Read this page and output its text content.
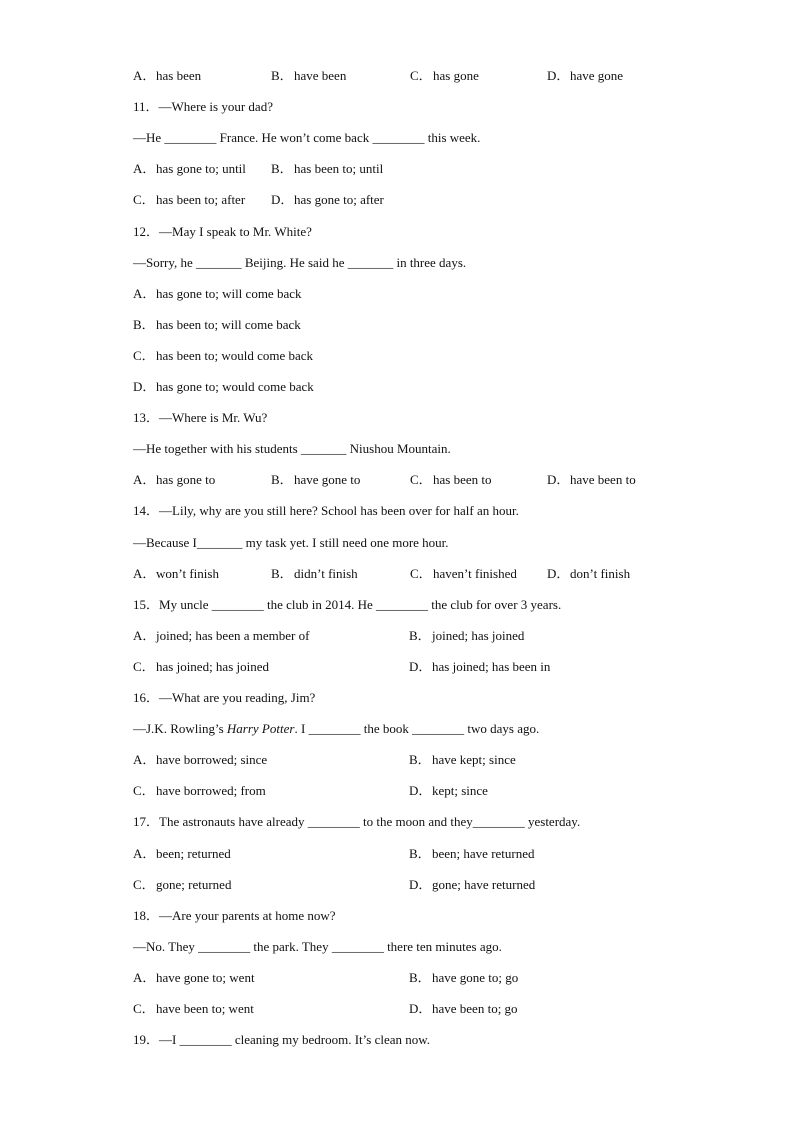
A．has been	B．have been	C．has gone	D．have gone
11．—Where is your dad?
—He ________ France. He won’t come back ________ this week.
A．has gone to; until B．has been to; until
C．has been to; after D．has gone to; after
12．—May I speak to Mr. White?
—Sorry, he _______ Beijing. He said he _______ in three days.
A．has gone to; will come back
B．has been to; will come back
C．has been to; would come back
D．has gone to; would come back
13．—Where is Mr. Wu?
—He together with his students _______ Niushou Mountain.
A．has gone to	B．have gone to	C．has been to	D．have been to
14．—Lily, why are you still here? School has been over for half an hour.
—Because I_______ my task yet. I still need one more hour.
A．won’t finish	B．didn’t finish	C．haven’t finished D．don’t finish
15．My uncle ________ the club in 2014. He ________ the club for over 3 years.
A．joined; has been a member of	B．joined; has joined
C．has joined; has joined	D．has joined; has been in
16．—What are you reading, Jim?
—J.K. Rowling’s Harry Potter. I ________ the book ________ two days ago.
A．have borrowed; since	B．have kept; since
C．have borrowed; from	D．kept; since
17．The astronauts have already ________ to the moon and they________ yesterday.
A．been; returned	B．been; have returned
C．gone; returned	D．gone; have returned
18．—Are your parents at home now?
—No. They ________ the park. They ________ there ten minutes ago.
A．have gone to; went	B．have gone to; go
C．have been to; went	D．have been to; go
19．—I ________ cleaning my bedroom. It’s clean now.
